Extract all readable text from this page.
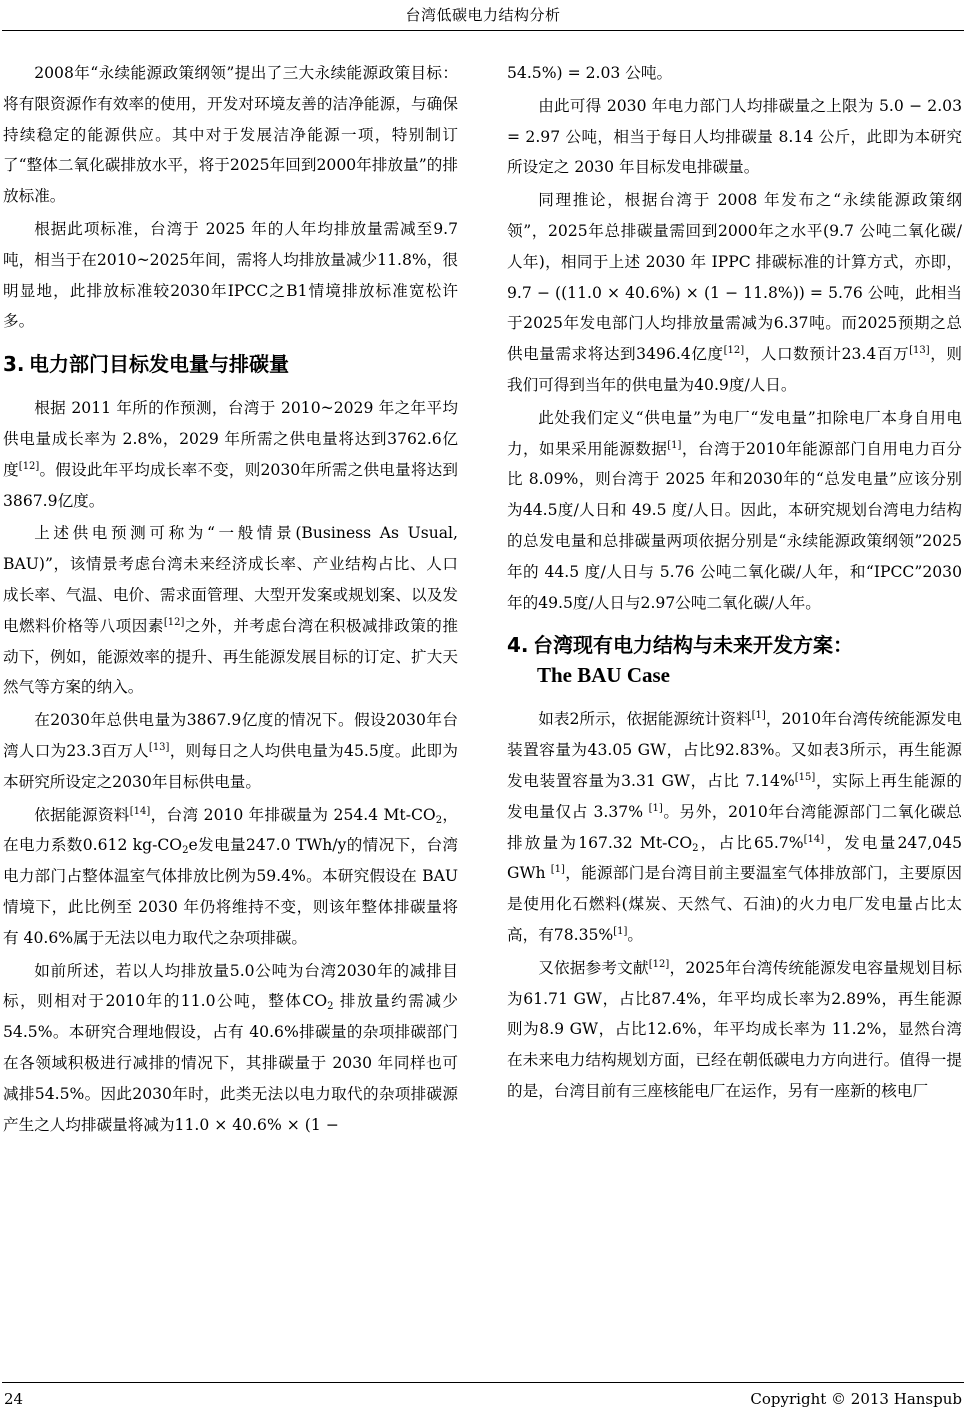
台湾低碳电力结构分析

2008年“永续能源政策纲领”提出了三大永续能源政策目标：将有限资源作有效率的使用，开发对环境友善的洁净能源，与确保持续稳定的能源供应。其中对于发展洁净能源一项，特别制订了“整体二氧化碳排放水平，将于2025年回到2000年排放量”的排放标准。

根据此项标准，台湾于 2025 年的人年均排放量需减至9.7吨，相当于在2010~2025年间，需将人均排放量减少11.8%，很明显地，此排放标准较2030年IPCC之B1情境排放标准宽松许多。

3. 电力部门目标发电量与排碳量

根据 2011 年所的作预测，台湾于 2010~2029 年之年平均供电量成长率为 2.8%，2029 年所需之供电量将达到3762.6亿度[12]。假设此年平均成长率不变，则2030年所需之供电量将达到3867.9亿度。

上述供电预测可称为“一般情景(Business As Usual, BAU)”，该情景考虑台湾未来经济成长率、产业结构占比、人口成长率、气温、电价、需求面管理、大型开发案或规划案、以及发电燃料价格等八项因素[12]之外，并考虑台湾在积极减排政策的推动下，例如，能源效率的提升、再生能源发展目标的订定、扩大天然气等方案的纳入。

在2030年总供电量为3867.9亿度的情况下。假设2030年台湾人口为23.3百万人[13]，则每日之人均供电量为45.5度。此即为本研究所设定之2030年目标供电量。

依据能源资料[14]，台湾 2010 年排碳量为 254.4 $Mt-CO_2$，在电力系数0.612 $kg-CO_2e$发电量247.0 TWh/y的情况下，台湾电力部门占整体温室气体排放比例为59.4%。本研究假设在 BAU 情境下，此比例至 2030 年仍将维持不变，则该年整体排碳量将有 40.6%属于无法以电力取代之杂项排碳。

如前所述，若以人均排放量5.0公吨为台湾2030年的减排目标，则相对于2010年的11.0公吨，整体$CO_2$ 排放量约需减少 54.5%。本研究合理地假设，占有 40.6%排碳量的杂项排碳部门在各领域积极进行减排的情况下，其排碳量于 2030 年同样也可减排54.5%。因此2030年时，此类无法以电力取代的杂项排碳源产生之人均排碳量将减为11.0 × 40.6% × (1 −

54.5%) = 2.03 公吨。

由此可得 2030 年电力部门人均排碳量之上限为 5.0 − 2.03 = 2.97 公吨，相当于每日人均排碳量 8.14 公斤，此即为本研究所设定之 2030 年目标发电排碳量。

同理推论，根据台湾于 2008 年发布之“永续能源政策纲领”，2025年总排碳量需回到2000年之水平(9.7 公吨二氧化碳/人年)，相同于上述 2030 年 IPPC 排碳标准的计算方式，亦即，9.7 − ((11.0 × 40.6%) × (1 − 11.8%)) = 5.76 公吨，此相当于2025年发电部门人均排放量需减为6.37吨。而2025预期之总供电量需求将达到3496.4亿度[12]，人口数预计23.4百万[13]，则我们可得到当年的供电量为40.9度/人日。

此处我们定义“供电量”为电厂“发电量”扣除电厂本身自用电力，如果采用能源数据[1]，台湾于2010年能源部门自用电力百分比 8.09%，则台湾于 2025 年和2030年的“总发电量”应该分别为44.5度/人日和 49.5 度/人日。因此，本研究规划台湾电力结构的总发电量和总排碳量两项依据分别是“永续能源政策纲领”2025 年的 44.5 度/人日与 5.76 公吨二氧化碳/人年，和“IPCC”2030年的49.5度/人日与2.97公吨二氧化碳/人年。

4. 台湾现有电力结构与未来开发方案：
The BAU Case

如表2所示，依据能源统计资料[1]，2010年台湾传统能源发电装置容量为43.05 GW，占比92.83%。又如表3所示，再生能源发电装置容量为3.31 GW，占比 7.14%[15]，实际上再生能源的发电量仅占 3.37% [1]。另外，2010年台湾能源部门二氧化碳总排放量为167.32 $Mt-CO_2$，占比65.7%[14]，发电量247,045 GWh [1]，能源部门是台湾目前主要温室气体排放部门，主要原因是使用化石燃料(煤炭、天然气、石油)的火力电厂发电量占比太高，有78.35%[1]。

又依据参考文献[12]，2025年台湾传统能源发电容量规划目标为61.71 GW，占比87.4%，年平均成长率为2.89%，再生能源则为8.9 GW，占比12.6%，年平均成长率为 11.2%，显然台湾在未来电力结构规划方面，已经在朝低碳电力方向进行。值得一提的是，台湾目前有三座核能电厂在运作，另有一座新的核电厂

24	Copyright © 2013 Hanspub
